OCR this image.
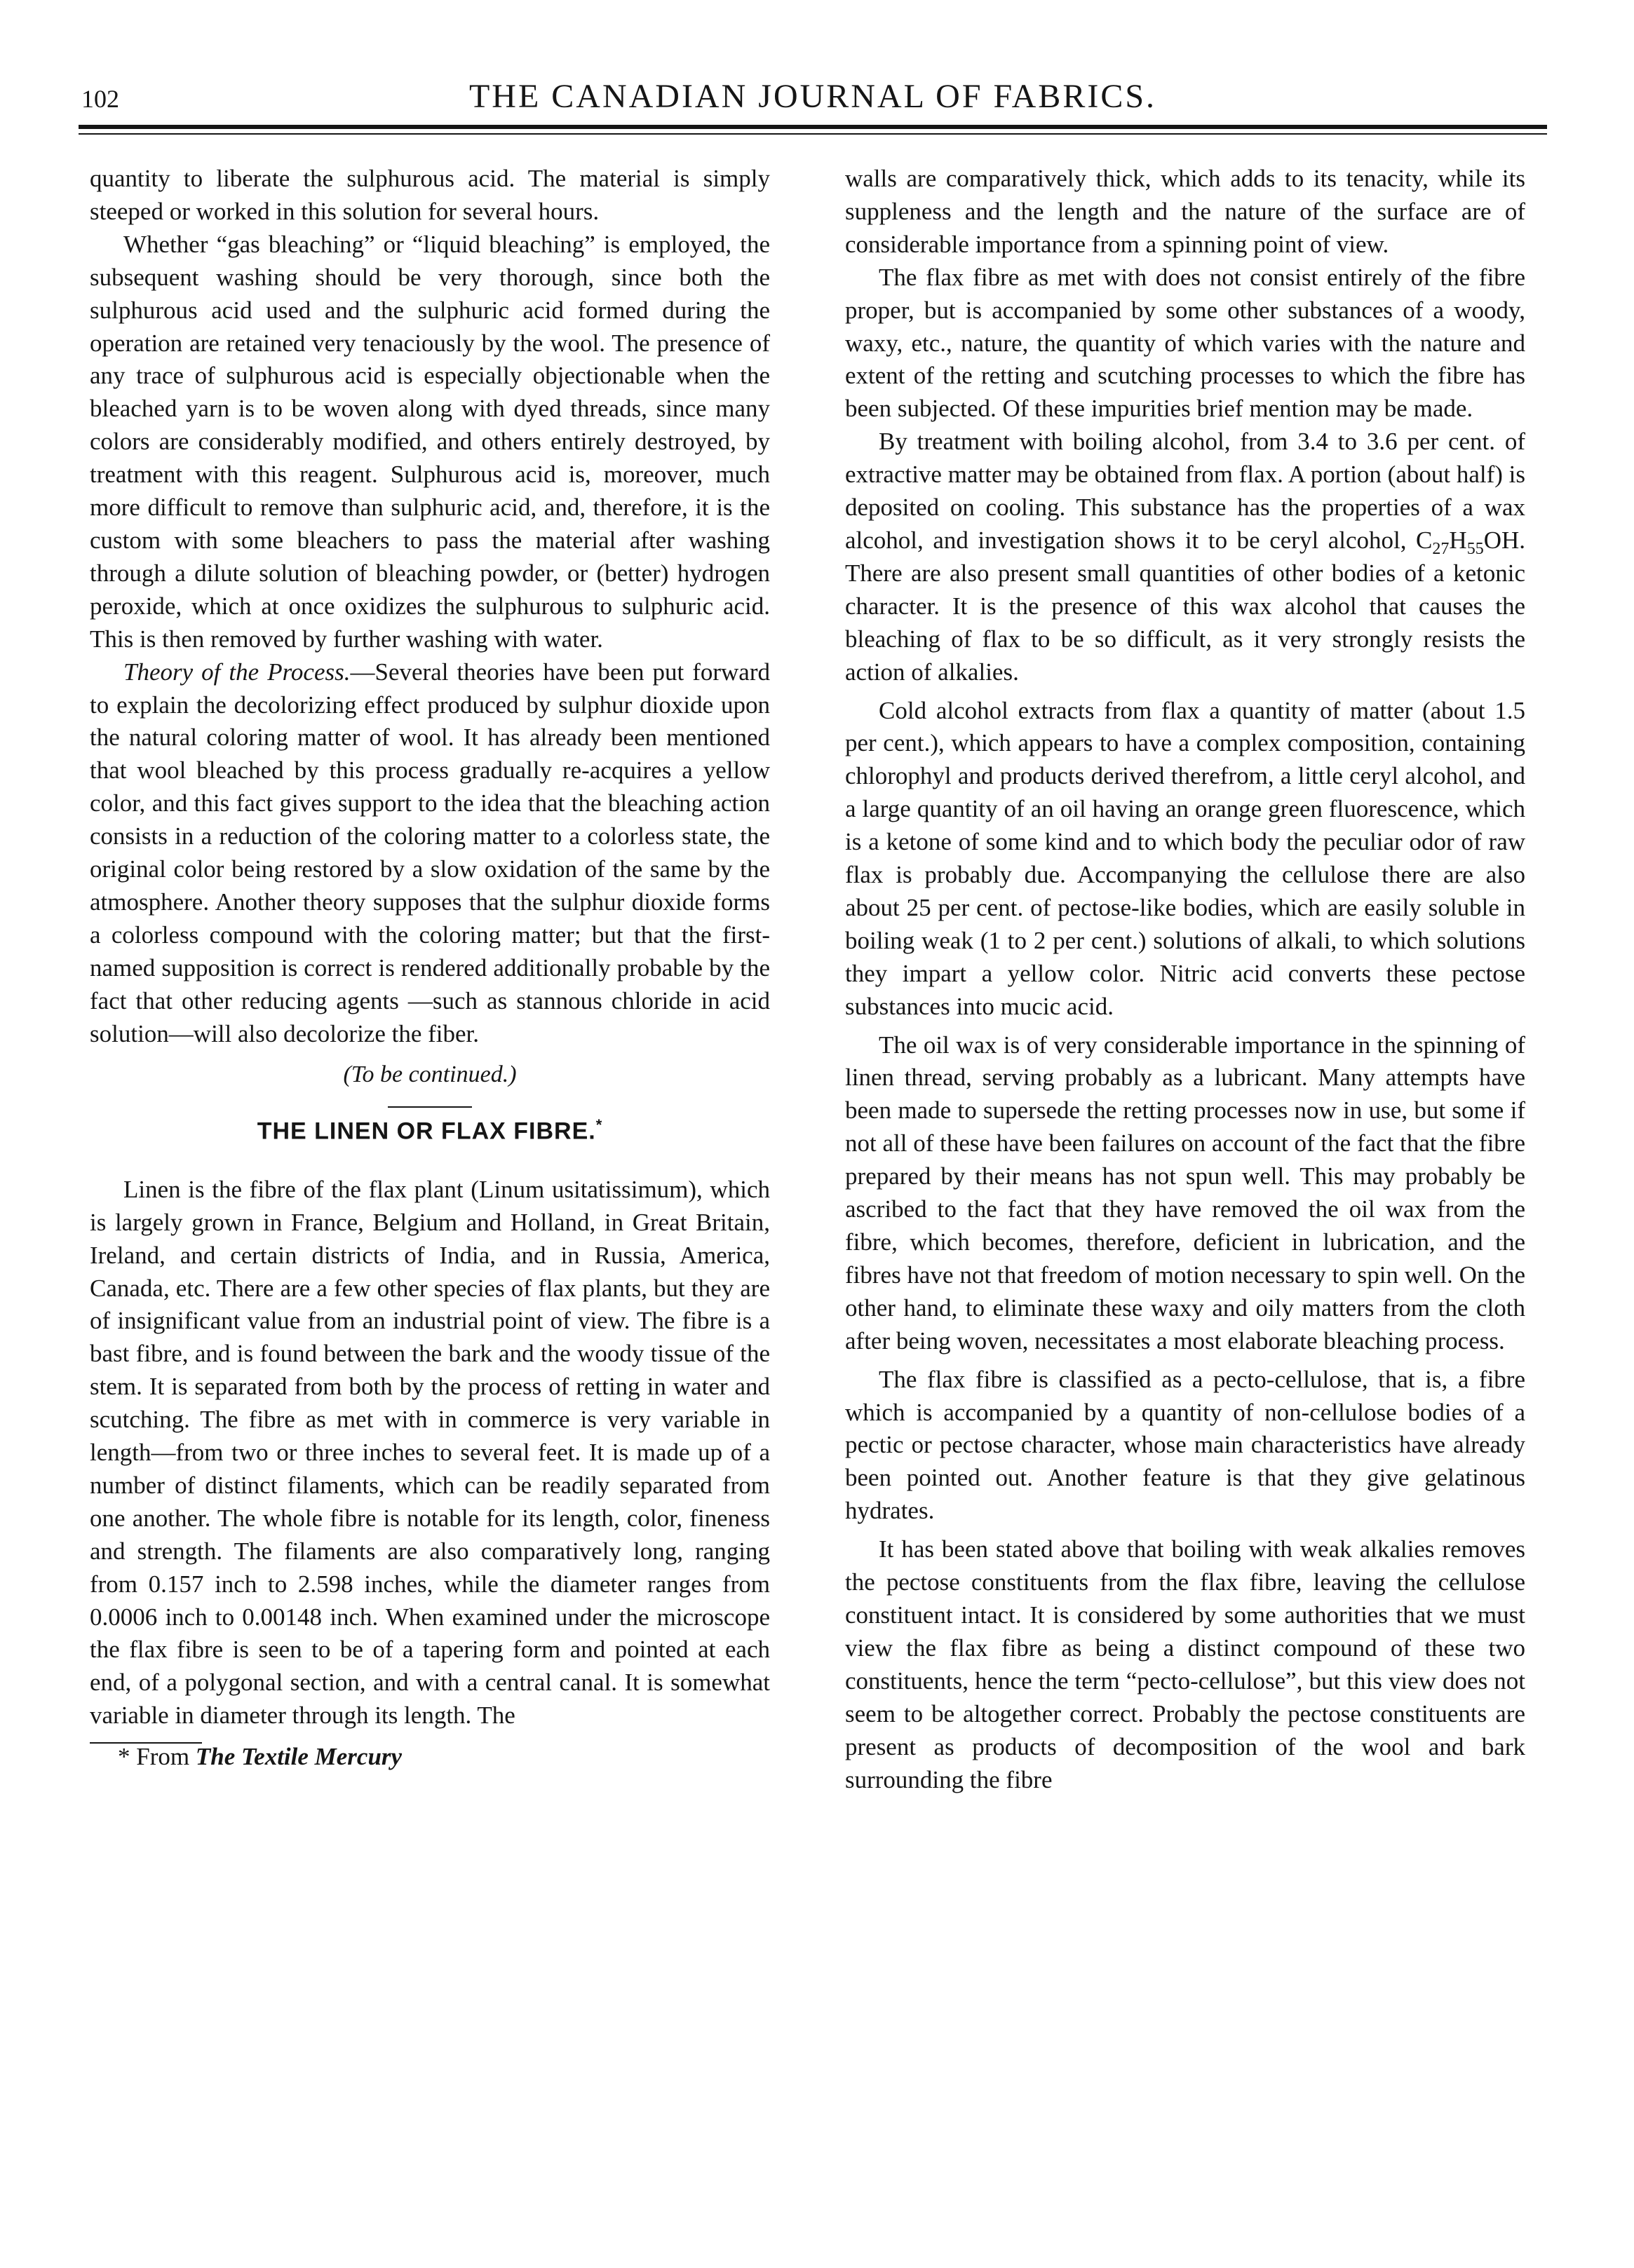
102	THE CANADIAN JOURNAL OF FABRICS.

quantity to liberate the sulphurous acid. The material is simply steeped or worked in this solution for several hours.

Whether “gas bleaching” or “liquid bleaching” is employed, the subsequent washing should be very thorough, since both the sulphurous acid used and the sulphuric acid formed during the operation are retained very tenaciously by the wool. The presence of any trace of sulphurous acid is especially objectionable when the bleached yarn is to be woven along with dyed threads, since many colors are considerably modified, and others entirely destroyed, by treatment with this reagent. Sulphurous acid is, moreover, much more difficult to remove than sulphuric acid, and, therefore, it is the custom with some bleachers to pass the material after washing through a dilute solution of bleaching powder, or (better) hydrogen peroxide, which at once oxidizes the sulphurous to sulphuric acid. This is then removed by further washing with water.

Theory of the Process.—Several theories have been put forward to explain the decolorizing effect produced by sulphur dioxide upon the natural coloring matter of wool. It has already been mentioned that wool bleached by this process gradually re-acquires a yellow color, and this fact gives support to the idea that the bleaching action consists in a reduction of the coloring matter to a colorless state, the original color being restored by a slow oxidation of the same by the atmosphere. Another theory supposes that the sulphur dioxide forms a colorless compound with the coloring matter; but that the first-named supposition is correct is rendered additionally probable by the fact that other reducing agents —such as stannous chloride in acid solution—will also decolorize the fiber.

(To be continued.)
THE LINEN OR FLAX FIBRE.*

Linen is the fibre of the flax plant (Linum usitatissimum), which is largely grown in France, Belgium and Holland, in Great Britain, Ireland, and certain districts of India, and in Russia, America, Canada, etc. There are a few other species of flax plants, but they are of insignificant value from an industrial point of view. The fibre is a bast fibre, and is found between the bark and the woody tissue of the stem. It is separated from both by the process of retting in water and scutching. The fibre as met with in commerce is very variable in length—from two or three inches to several feet. It is made up of a number of distinct filaments, which can be readily separated from one another. The whole fibre is notable for its length, color, fineness and strength. The filaments are also comparatively long, ranging from 0.157 inch to 2.598 inches, while the diameter ranges from 0.0006 inch to 0.00148 inch. When examined under the microscope the flax fibre is seen to be of a tapering form and pointed at each end, of a polygonal section, and with a central canal. It is somewhat variable in diameter through its length. The

* From The Textile Mercury

walls are comparatively thick, which adds to its tenacity, while its suppleness and the length and the nature of the surface are of considerable importance from a spinning point of view.

The flax fibre as met with does not consist entirely of the fibre proper, but is accompanied by some other substances of a woody, waxy, etc., nature, the quantity of which varies with the nature and extent of the retting and scutching processes to which the fibre has been subjected. Of these impurities brief mention may be made.

By treatment with boiling alcohol, from 3.4 to 3.6 per cent. of extractive matter may be obtained from flax. A portion (about half) is deposited on cooling. This substance has the properties of a wax alcohol, and investigation shows it to be ceryl alcohol, $C_{27}H_{55}OH$. There are also present small quantities of other bodies of a ketonic character. It is the presence of this wax alcohol that causes the bleaching of flax to be so difficult, as it very strongly resists the action of alkalies.

Cold alcohol extracts from flax a quantity of matter (about 1.5 per cent.), which appears to have a complex composition, containing chlorophyl and products derived therefrom, a little ceryl alcohol, and a large quantity of an oil having an orange green fluorescence, which is a ketone of some kind and to which body the peculiar odor of raw flax is probably due. Accompanying the cellulose there are also about 25 per cent. of pectose-like bodies, which are easily soluble in boiling weak (1 to 2 per cent.) solutions of alkali, to which solutions they impart a yellow color. Nitric acid converts these pectose substances into mucic acid.

The oil wax is of very considerable importance in the spinning of linen thread, serving probably as a lubricant. Many attempts have been made to supersede the retting processes now in use, but some if not all of these have been failures on account of the fact that the fibre prepared by their means has not spun well. This may probably be ascribed to the fact that they have removed the oil wax from the fibre, which becomes, therefore, deficient in lubrication, and the fibres have not that freedom of motion necessary to spin well. On the other hand, to eliminate these waxy and oily matters from the cloth after being woven, necessitates a most elaborate bleaching process.

The flax fibre is classified as a pecto-cellulose, that is, a fibre which is accompanied by a quantity of non-cellulose bodies of a pectic or pectose character, whose main characteristics have already been pointed out. Another feature is that they give gelatinous hydrates.

It has been stated above that boiling with weak alkalies removes the pectose constituents from the flax fibre, leaving the cellulose constituent intact. It is considered by some authorities that we must view the flax fibre as being a distinct compound of these two constituents, hence the term “pecto-cellulose”, but this view does not seem to be altogether correct. Probably the pectose constituents are present as products of decomposition of the wool and bark surrounding the fibre
